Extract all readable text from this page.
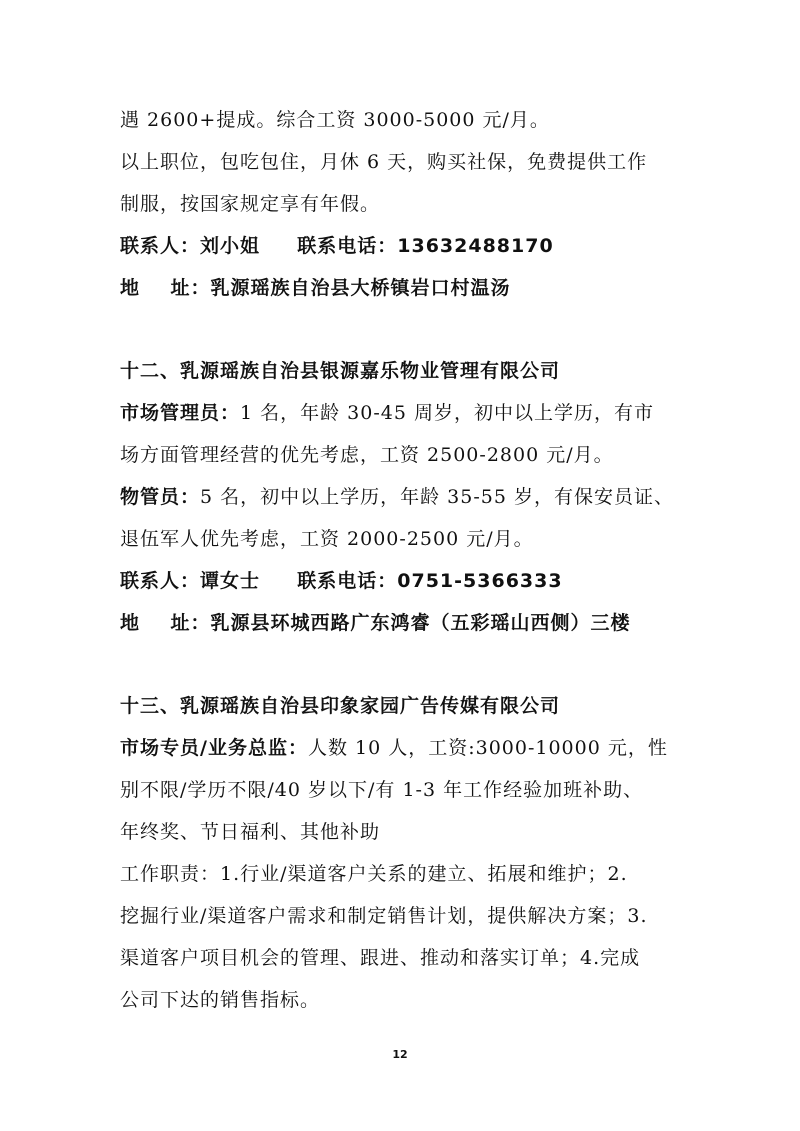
遇 2600+提成。综合工资 3000-5000 元/月。
以上职位，包吃包住，月休 6 天，购买社保，免费提供工作
制服，按国家规定享有年假。
联系人：刘小姐 联系电话：13632488170
地    址：乳源瑶族自治县大桥镇岩口村温汤
十二、乳源瑶族自治县银源嘉乐物业管理有限公司
市场管理员：1 名，年龄 30-45 周岁，初中以上学历，有市
场方面管理经营的优先考虑，工资 2500-2800 元/月。
物管员：5 名，初中以上学历，年龄 35-55 岁，有保安员证、
退伍军人优先考虑，工资 2000-2500 元/月。
联系人：谭女士 联系电话：0751-5366333
地    址：乳源县环城西路广东鸿睿（五彩瑶山西侧）三楼
十三、乳源瑶族自治县印象家园广告传媒有限公司
市场专员/业务总监：人数 10 人，工资:3000-10000 元，性
别不限/学历不限/40 岁以下/有 1-3 年工作经验加班补助、
年终奖、节日福利、其他补助
工作职责：1.行业/渠道客户关系的建立、拓展和维护；2.
挖掘行业/渠道客户需求和制定销售计划，提供解决方案；3.
渠道客户项目机会的管理、跟进、推动和落实订单；4.完成
公司下达的销售指标。
12
